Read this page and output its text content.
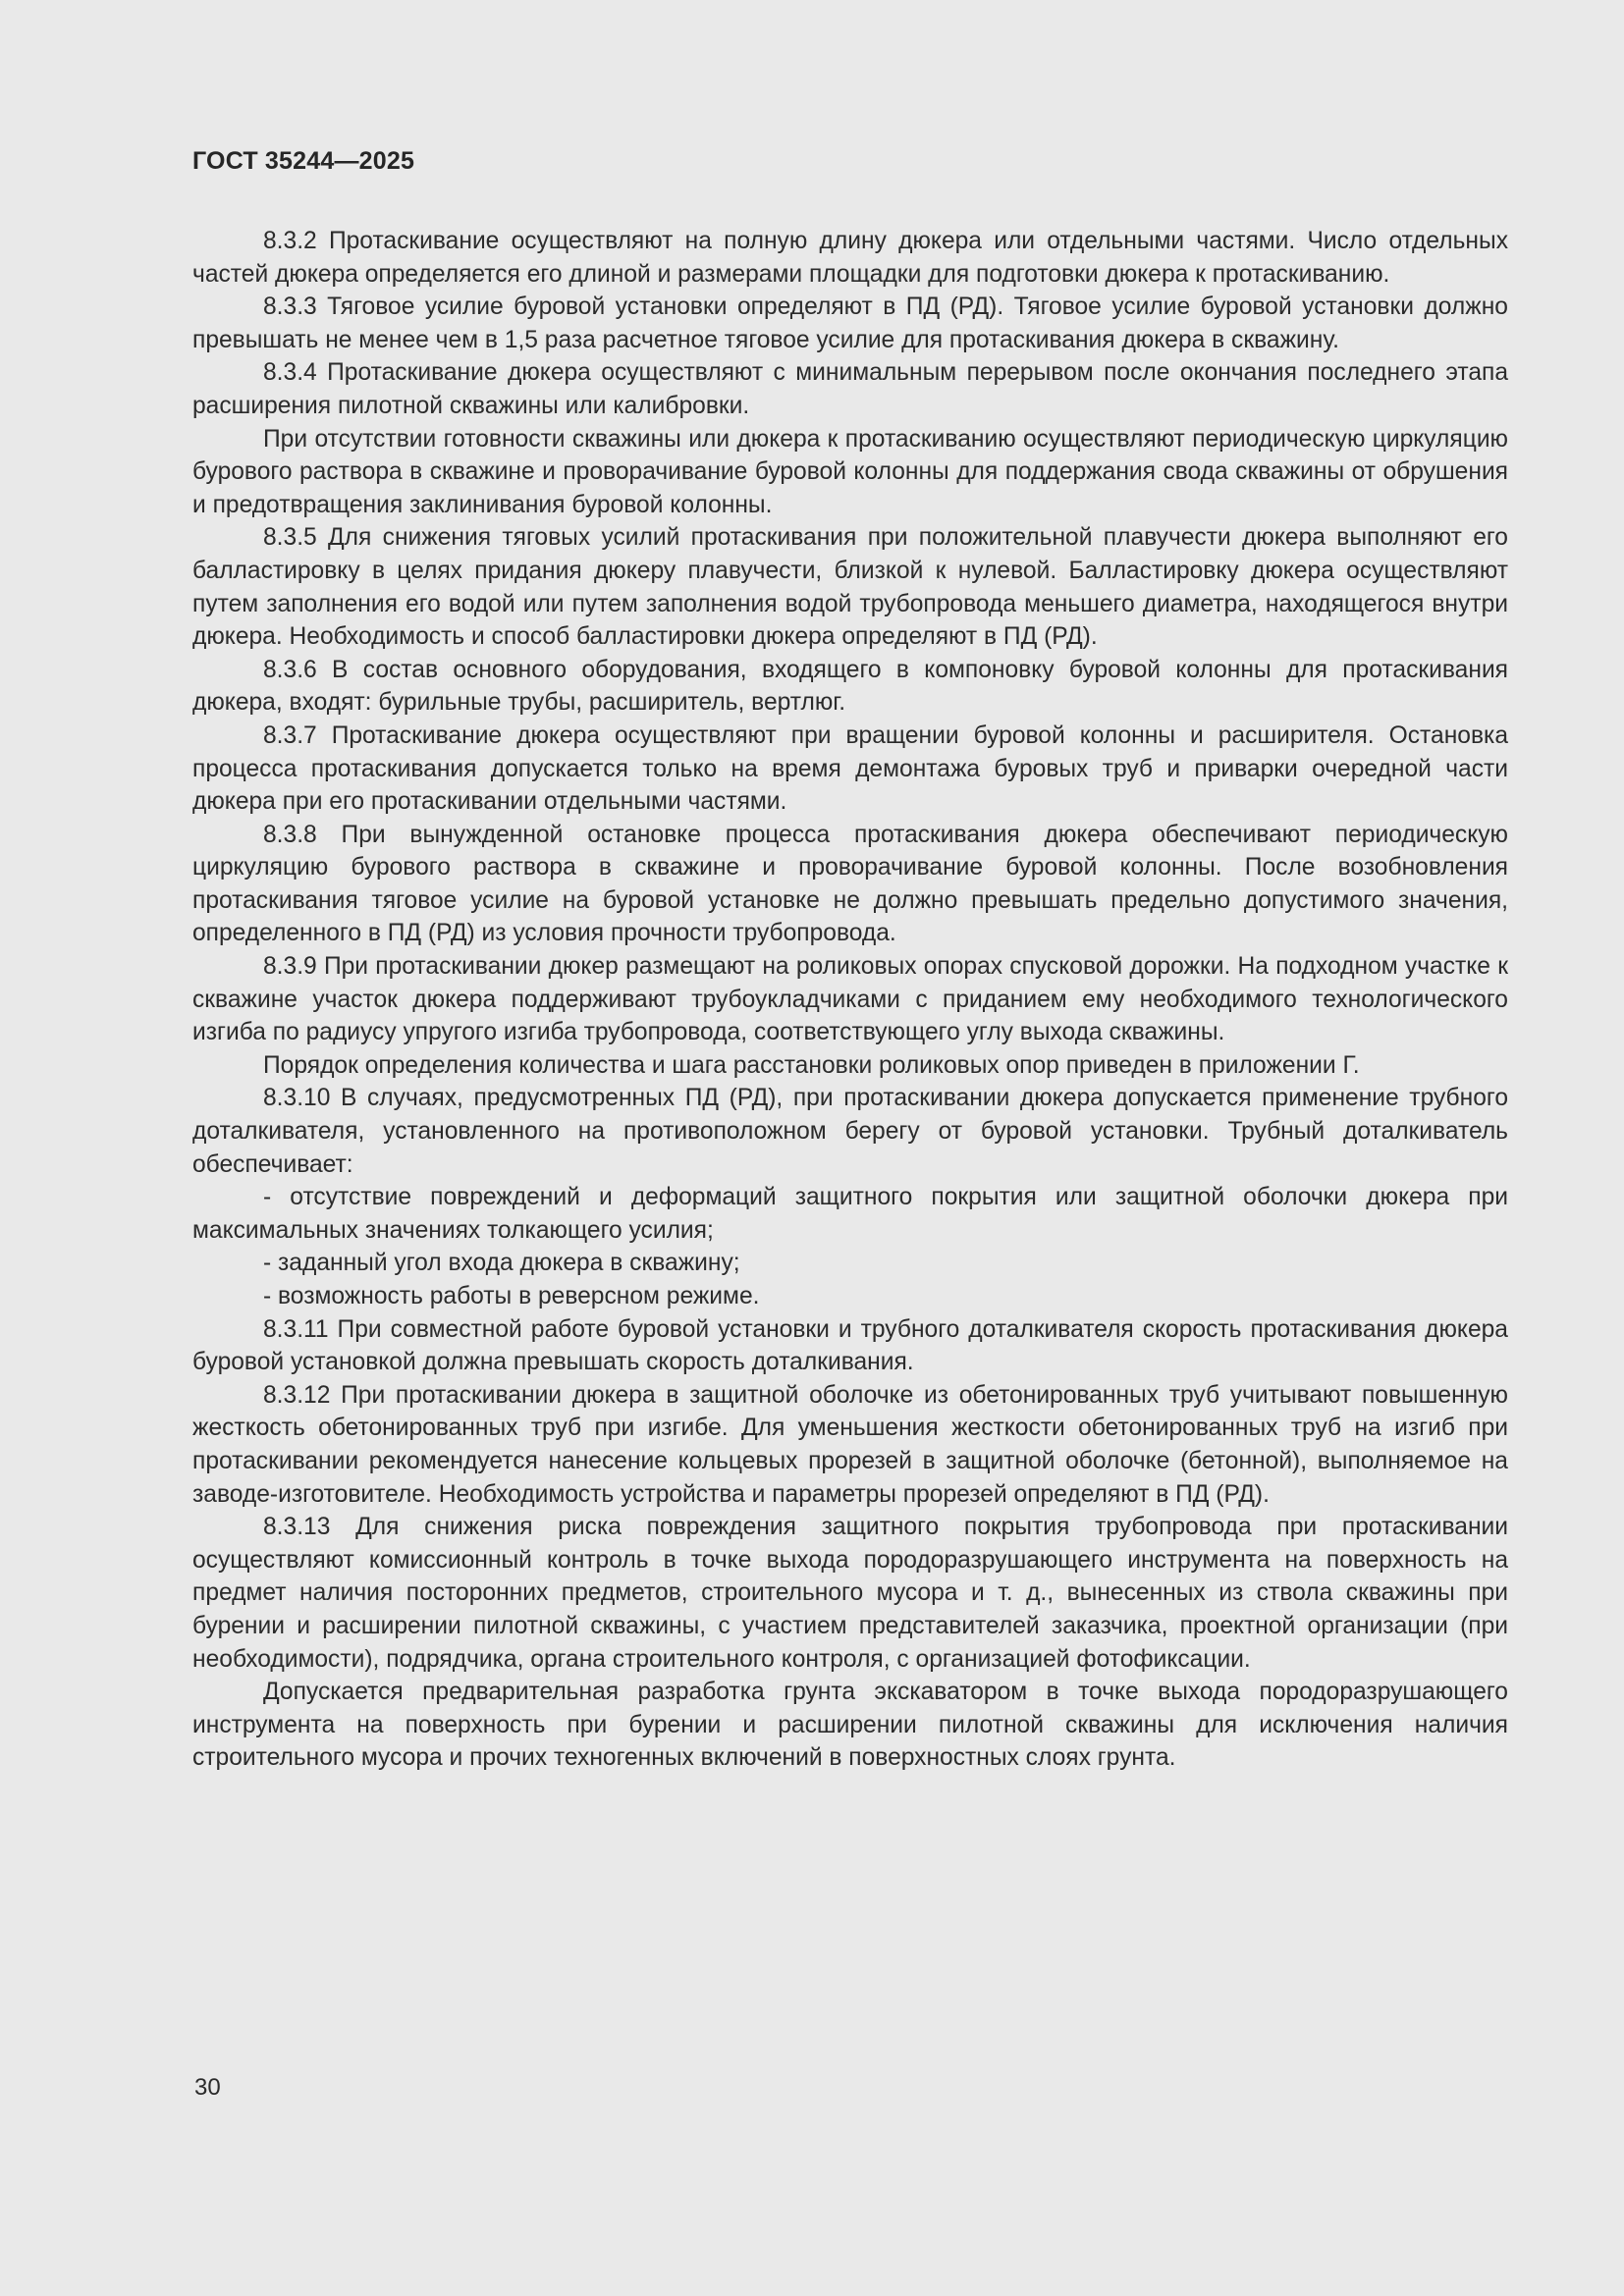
ГОСТ 35244—2025

8.3.2 Протаскивание осуществляют на полную длину дюкера или отдельными частями. Число отдельных частей дюкера определяется его длиной и размерами площадки для подготовки дюкера к протаскиванию.

8.3.3 Тяговое усилие буровой установки определяют в ПД (РД). Тяговое усилие буровой установки должно превышать не менее чем в 1,5 раза расчетное тяговое усилие для протаскивания дюкера в скважину.

8.3.4 Протаскивание дюкера осуществляют с минимальным перерывом после окончания последнего этапа расширения пилотной скважины или калибровки.

При отсутствии готовности скважины или дюкера к протаскиванию осуществляют периодическую циркуляцию бурового раствора в скважине и проворачивание буровой колонны для поддержания свода скважины от обрушения и предотвращения заклинивания буровой колонны.

8.3.5 Для снижения тяговых усилий протаскивания при положительной плавучести дюкера выполняют его балластировку в целях придания дюкеру плавучести, близкой к нулевой. Балластировку дюкера осуществляют путем заполнения его водой или путем заполнения водой трубопровода меньшего диаметра, находящегося внутри дюкера. Необходимость и способ балластировки дюкера определяют в ПД (РД).

8.3.6 В состав основного оборудования, входящего в компоновку буровой колонны для протаскивания дюкера, входят: бурильные трубы, расширитель, вертлюг.

8.3.7 Протаскивание дюкера осуществляют при вращении буровой колонны и расширителя. Остановка процесса протаскивания допускается только на время демонтажа буровых труб и приварки очередной части дюкера при его протаскивании отдельными частями.

8.3.8 При вынужденной остановке процесса протаскивания дюкера обеспечивают периодическую циркуляцию бурового раствора в скважине и проворачивание буровой колонны. После возобновления протаскивания тяговое усилие на буровой установке не должно превышать предельно допустимого значения, определенного в ПД (РД) из условия прочности трубопровода.

8.3.9 При протаскивании дюкер размещают на роликовых опорах спусковой дорожки. На подходном участке к скважине участок дюкера поддерживают трубоукладчиками с приданием ему необходимого технологического изгиба по радиусу упругого изгиба трубопровода, соответствующего углу выхода скважины.

Порядок определения количества и шага расстановки роликовых опор приведен в приложении Г.

8.3.10 В случаях, предусмотренных ПД (РД), при протаскивании дюкера допускается применение трубного доталкивателя, установленного на противоположном берегу от буровой установки. Трубный доталкиватель обеспечивает:

- отсутствие повреждений и деформаций защитного покрытия или защитной оболочки дюкера при максимальных значениях толкающего усилия;

- заданный угол входа дюкера в скважину;

- возможность работы в реверсном режиме.

8.3.11 При совместной работе буровой установки и трубного доталкивателя скорость протаскивания дюкера буровой установкой должна превышать скорость доталкивания.

8.3.12 При протаскивании дюкера в защитной оболочке из обетонированных труб учитывают повышенную жесткость обетонированных труб при изгибе. Для уменьшения жесткости обетонированных труб на изгиб при протаскивании рекомендуется нанесение кольцевых прорезей в защитной оболочке (бетонной), выполняемое на заводе-изготовителе. Необходимость устройства и параметры прорезей определяют в ПД (РД).

8.3.13 Для снижения риска повреждения защитного покрытия трубопровода при протаскивании осуществляют комиссионный контроль в точке выхода породоразрушающего инструмента на поверхность на предмет наличия посторонних предметов, строительного мусора и т. д., вынесенных из ствола скважины при бурении и расширении пилотной скважины, с участием представителей заказчика, проектной организации (при необходимости), подрядчика, органа строительного контроля, с организацией фотофиксации.

Допускается предварительная разработка грунта экскаватором в точке выхода породоразрушающего инструмента на поверхность при бурении и расширении пилотной скважины для исключения наличия строительного мусора и прочих техногенных включений в поверхностных слоях грунта.

30
